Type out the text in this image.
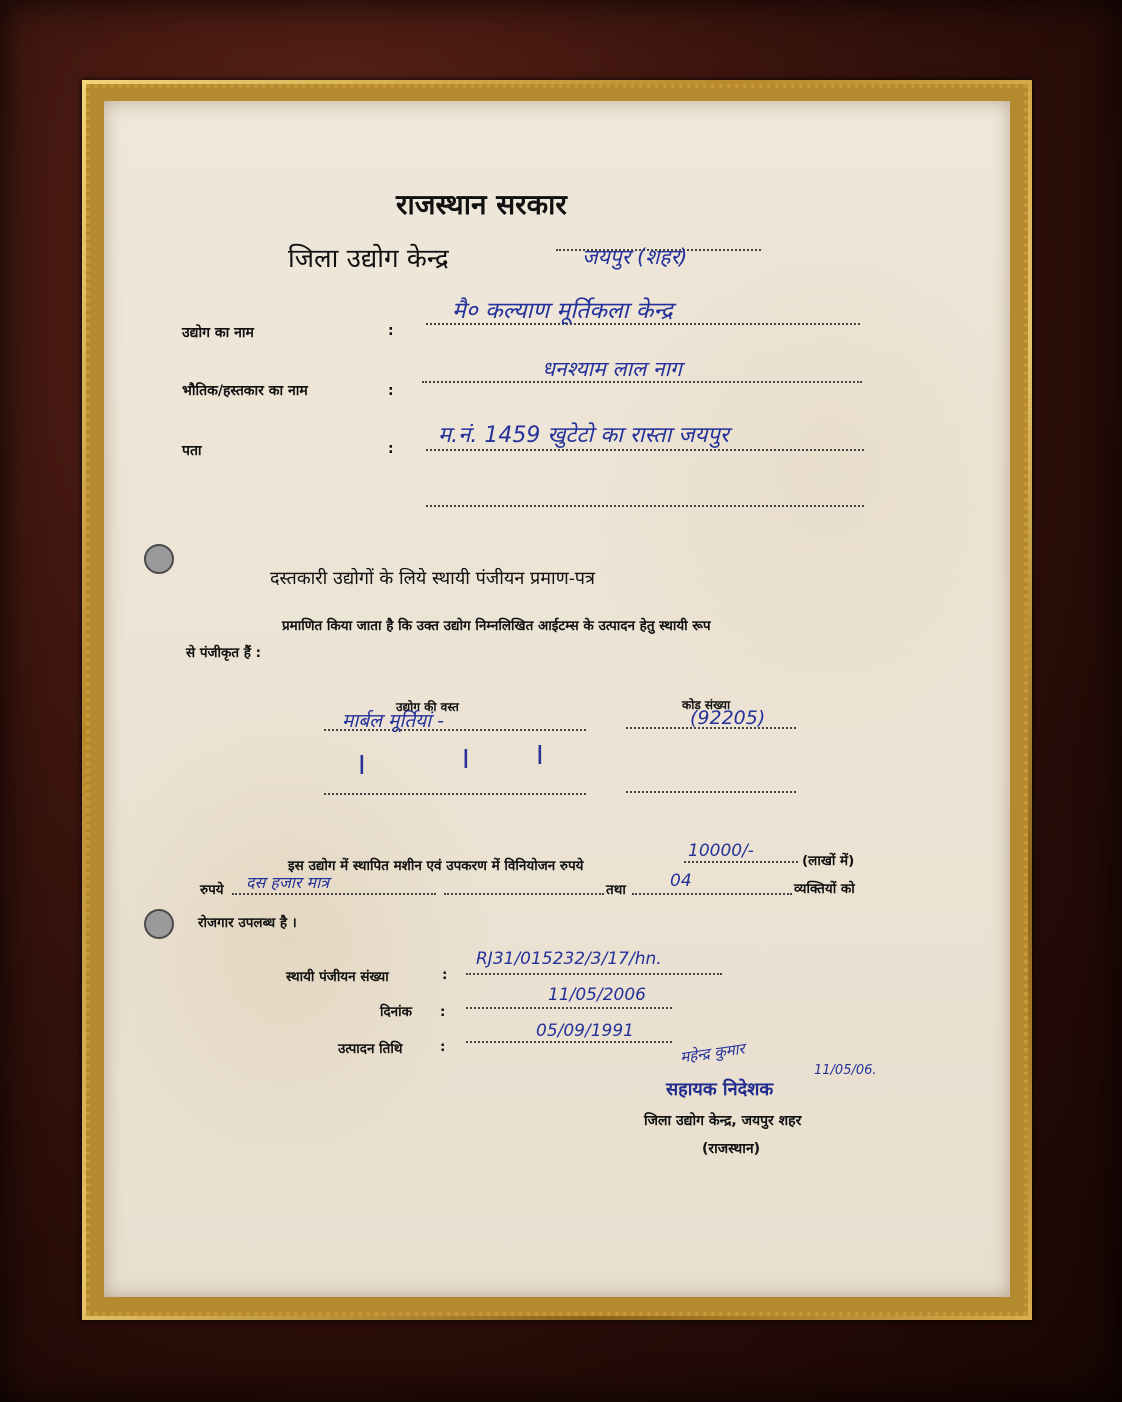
राजस्थान सरकार
जिला उद्योग केन्द्र	जयपुर (शहर)
उद्योग का नाम	:
मै० कल्याण मूर्तिकला केन्द्र
भौतिक/हस्तकार का नाम	:
धनश्याम लाल नाग
पता	:
म.नं. 1459 खुटेटो का रास्ता जयपुर
दस्तकारी उद्योगों के लिये स्थायी पंजीयन प्रमाण-पत्र
प्रमाणित किया जाता है कि उक्त उद्योग निम्नलिखित आईटम्स के उत्पादन हेतु स्थायी रूप
से पंजीकृत हैं :
उद्योग की वस्त	कोड संख्या
मार्बल मूर्तियां -	(92205)
I	I	I
इस उद्योग में स्थापित मशीन एवं उपकरण में विनियोजन रुपये
10000/-	(लाखों में)
रुपये दस हजार मात्र	तथा	04	व्यक्तियों को
रोजगार उपलब्ध है ।
स्थायी पंजीयन संख्या	:
RJ31/015232/3/17/hn.
दिनांक :
11/05/2006
उत्पादन तिथि	:
05/09/1991
महेन्द्र कुमार
11/05/06.
सहायक निदेशक
जिला उद्योग केन्द्र, जयपुर शहर
(राजस्थान)
